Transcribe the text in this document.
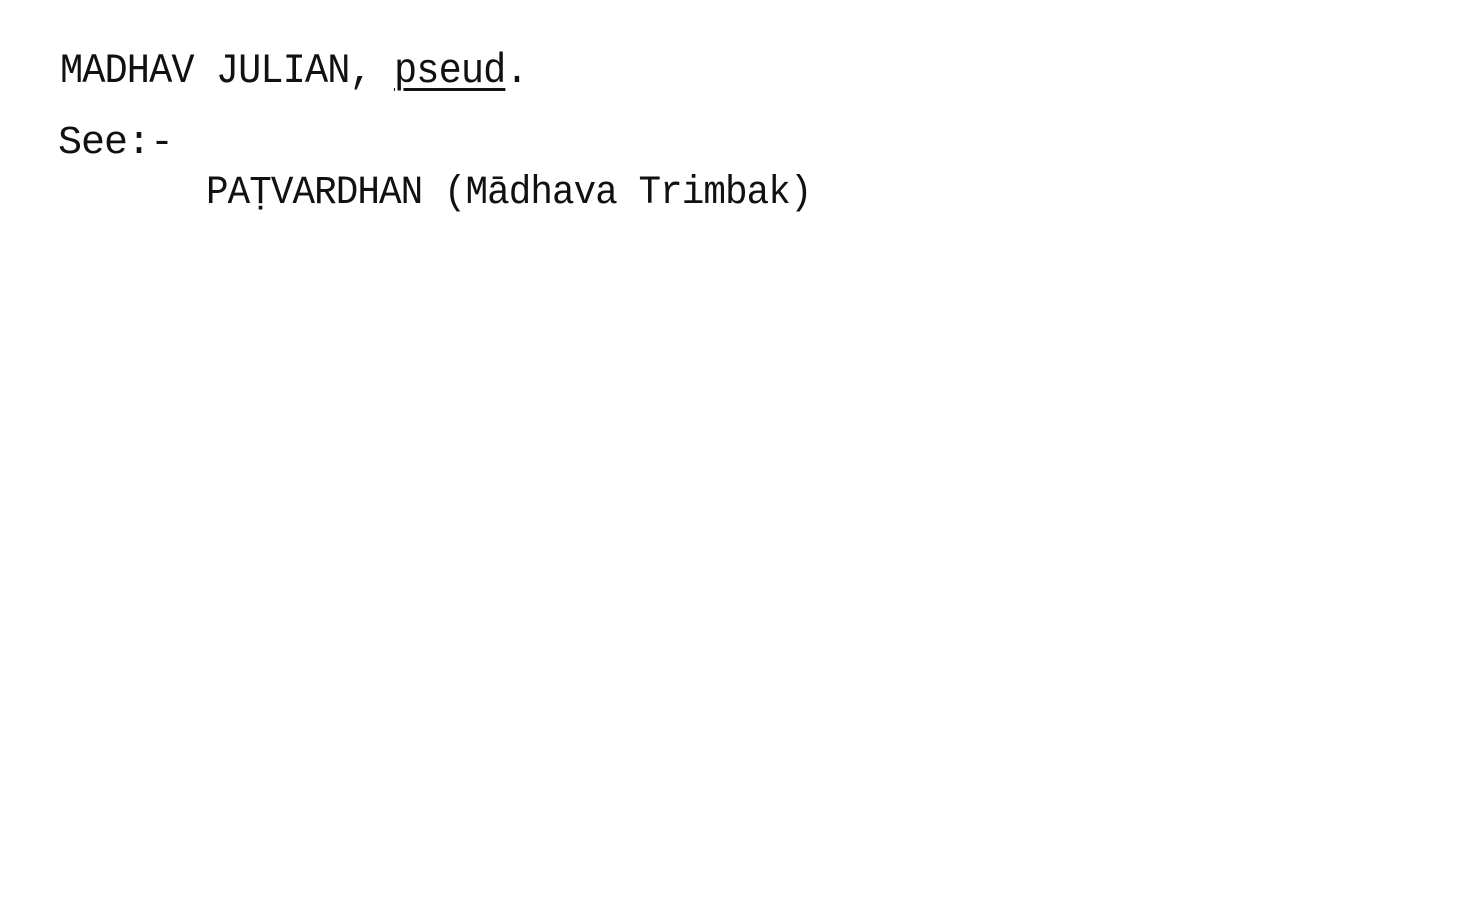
MADHAV JULIAN, pseud.
See:-
PAṬVARDHAN (Mādhava Trimbak)
